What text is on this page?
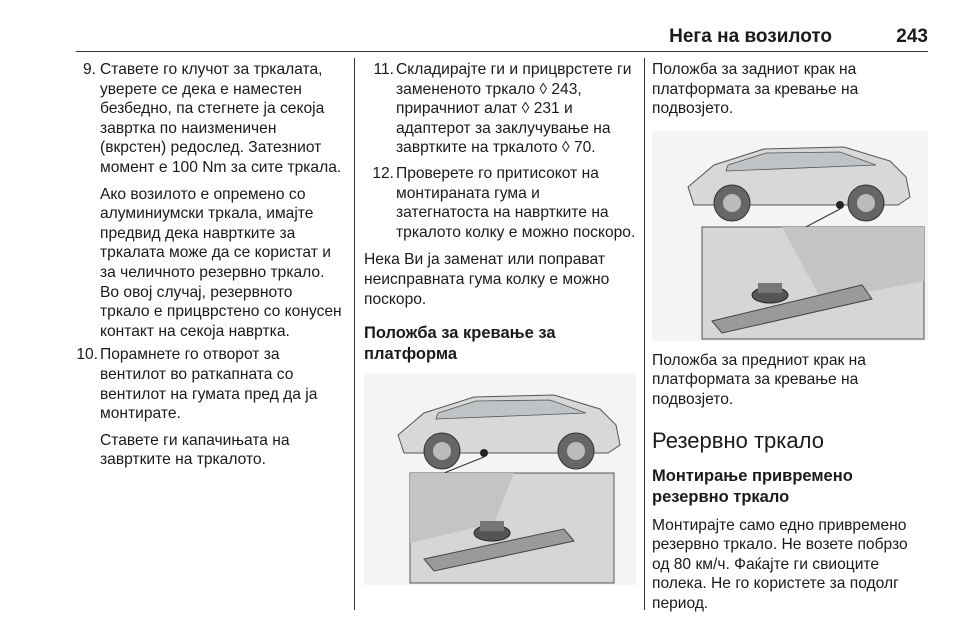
Нега на возилото	243
9. Ставете го клучот за тркалата, уверете се дека е наместен безбедно, па стегнете ја секоја завртка по наизменичен (вкрстен) редослед. Затезниот момент е 100 Nm за сите тркала.
Ако возилото е опремено со алуминиумски тркала, имајте предвид дека навртките за тркалата може да се користат и за челичното резервно тркало. Во овој случај, резервното тркало е прицврстено со конусен контакт на секоја навртка.
10. Порамнете го отворот за вентилот во раткапната со вентилот на гумата пред да ја монтирате.
Ставете ги капачињата на завртките на тркалото.
11. Складирајте ги и прицврстете ги замененото тркало ◊ 243, прирачниот алат ◊ 231 и адаптерот за заклучување на завртките на тркалото ◊ 70.
12. Проверете го притисокот на монтираната гума и затегнатоста на навртките на тркалото колку е можно поскоро.
Нека Ви ја заменат или поправат неисправната гума колку е можно поскоро.
Положба за кревање за платформа
Положба за задниот крак на платформата за кревање на подвозјето.
Положба за предниот крак на платформата за кревање на подвозјето.
Резервно тркало
Монтирање привремено резервно тркало
Монтирајте само едно привремено резервно тркало. Не возете побрзо од 80 км/ч. Фаќајте ги свиоците полека. Не го користете за подолг период.
